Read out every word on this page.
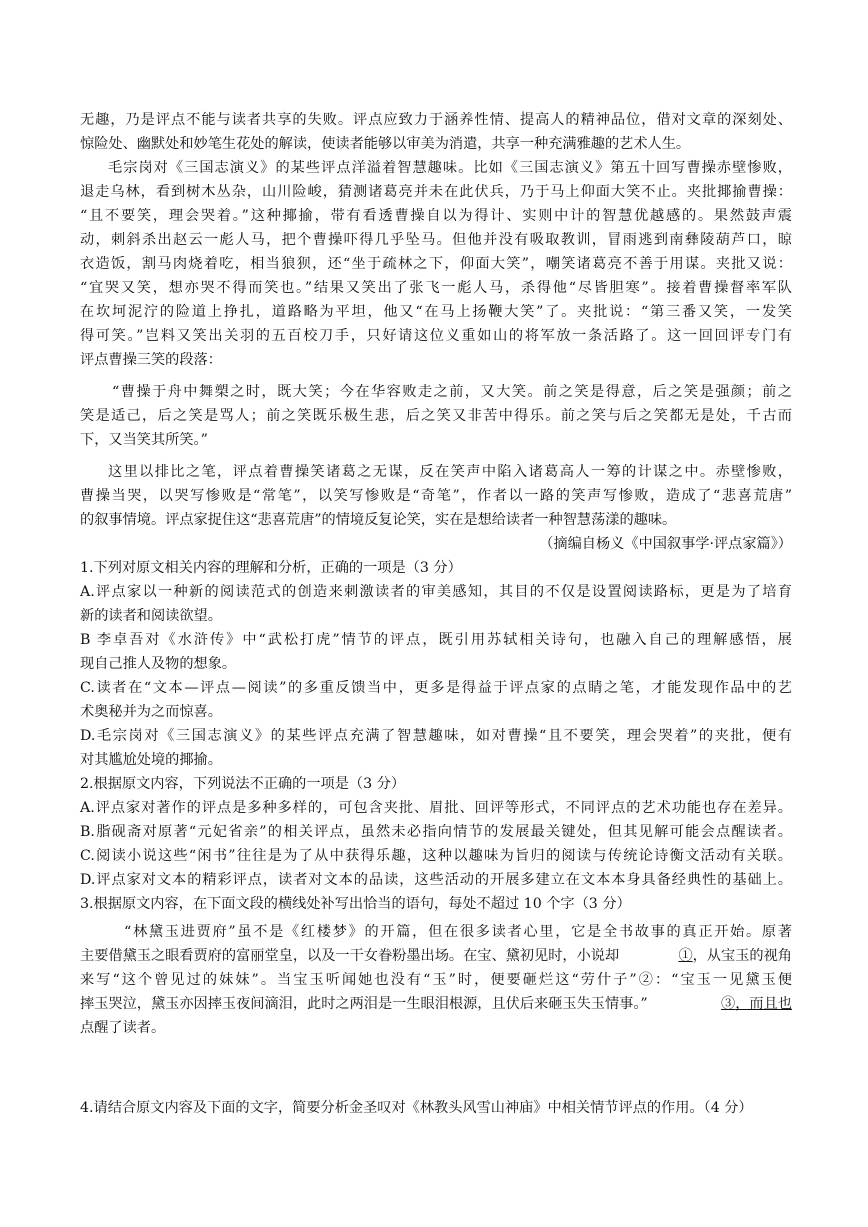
无趣，乃是评点不能与读者共享的失败。评点应致力于涵养性情、提高人的精神品位，借对文章的深刻处、
惊险处、幽默处和妙笔生花处的解读，使读者能够以审美为消遣，共享一种充满雅趣的艺术人生。
毛宗岗对《三国志演义》的某些评点洋溢着智慧趣味。比如《三国志演义》第五十回写曹操赤壁惨败，
退走乌林，看到树木丛杂，山川险峻，猜测诸葛亮并未在此伏兵，乃于马上仰面大笑不止。夹批揶揄曹操：
“且不要笑，理会哭着。”这种揶揄，带有看透曹操自以为得计、实则中计的智慧优越感的。果然鼓声震
动，刺斜杀出赵云一彪人马，把个曹操吓得几乎坠马。但他并没有吸取教训，冒雨逃到南彝陵葫芦口，晾
衣造饭，割马肉烧着吃，相当狼狈，还“坐于疏林之下，仰面大笑”，嘲笑诸葛亮不善于用谋。夹批又说：
“宜哭又笑，想亦哭不得而笑也。”结果又笑出了张飞一彪人马，杀得他“尽皆胆寒”。接着曹操督率军队
在坎坷泥泞的险道上挣扎，道路略为平坦，他又“在马上扬鞭大笑”了。夹批说：“第三番又笑，一发笑
得可笑。”岂料又笑出关羽的五百校刀手，只好请这位义重如山的将军放一条活路了。这一回回评专门有
评点曹操三笑的段落：
“曹操于舟中舞槊之时，既大笑；今在华容败走之前，又大笑。前之笑是得意，后之笑是强颜；前之
笑是适己，后之笑是骂人；前之笑既乐极生悲，后之笑又非苦中得乐。前之笑与后之笑都无是处，千古而
下，又当笑其所笑。”
这里以排比之笔，评点着曹操笑诸葛之无谋，反在笑声中陷入诸葛高人一筹的计谋之中。赤壁惨败，
曹操当哭，以哭写惨败是“常笔”，以笑写惨败是“奇笔”，作者以一路的笑声写惨败，造成了“悲喜荒唐”
的叙事情境。评点家捉住这“悲喜荒唐”的情境反复论笑，实在是想给读者一种智慧荡漾的趣味。
（摘编自杨义《中国叙事学·评点家篇》）
1.下列对原文相关内容的理解和分析，正确的一项是（3 分）
A.评点家以一种新的阅读范式的创造来刺激读者的审美感知，其目的不仅是设置阅读路标，更是为了培育
新的读者和阅读欲望。
B 李卓吾对《水浒传》中“武松打虎”情节的评点，既引用苏轼相关诗句，也融入自己的理解感悟，展
现自己推人及物的想象。
C.读者在“文本—评点—阅读”的多重反馈当中，更多是得益于评点家的点睛之笔，才能发现作品中的艺
术奥秘并为之而惊喜。
D.毛宗岗对《三国志演义》的某些评点充满了智慧趣味，如对曹操“且不要笑，理会哭着”的夹批，便有
对其尴尬处境的揶揄。
2.根据原文内容，下列说法不正确的一项是（3 分）
A.评点家对著作的评点是多种多样的，可包含夹批、眉批、回评等形式，不同评点的艺术功能也存在差异。
B.脂砚斋对原著“元妃省亲”的相关评点，虽然未必指向情节的发展最关键处，但其见解可能会点醒读者。
C.阅读小说这些“闲书”往往是为了从中获得乐趣，这种以趣味为旨归的阅读与传统论诗衡文活动有关联。
D.评点家对文本的精彩评点，读者对文本的品读，这些活动的开展多建立在文本本身具备经典性的基础上。
3.根据原文内容，在下面文段的横线处补写出恰当的语句，每处不超过 10 个字（3 分）
“林黛玉进贾府”虽不是《红楼梦》的开篇，但在很多读者心里，它是全书故事的真正开始。原著
主要借黛玉之眼看贾府的富丽堂皇，以及一干女眷粉墨出场。在宝、黛初见时，小说却	①，从宝玉的视角
来写“这个曾见过的妹妹”。当宝玉听闻她也没有“玉”时，便要砸烂这“劳什子”②：“宝玉一见黛玉便
摔玉哭泣，黛玉亦因摔玉夜间滴泪，此时之两泪是一生眼泪根源，且伏后来砸玉失玉情事。”	③，而且也
点醒了读者。
4.请结合原文内容及下面的文字，简要分析金圣叹对《林教头风雪山神庙》中相关情节评点的作用。（4 分）
